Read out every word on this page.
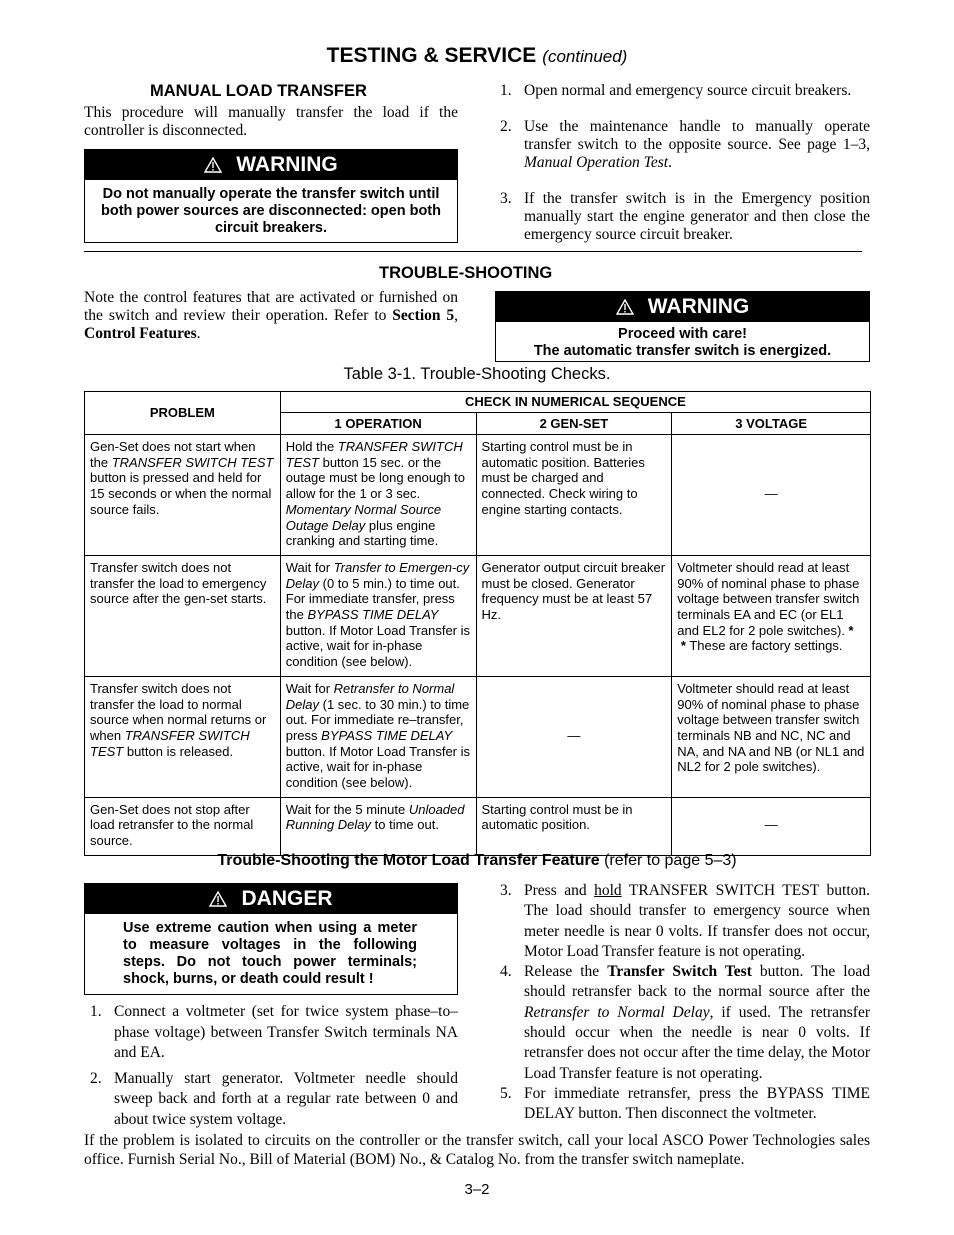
TESTING & SERVICE (continued)
MANUAL LOAD TRANSFER
This procedure will manually transfer the load if the controller is disconnected.
WARNING
Do not manually operate the transfer switch until both power sources are disconnected: open both circuit breakers.
1. Open normal and emergency source circuit breakers.
2. Use the maintenance handle to manually operate transfer switch to the opposite source. See page 1–3, Manual Operation Test.
3. If the transfer switch is in the Emergency position manually start the engine generator and then close the emergency source circuit breaker.
TROUBLE-SHOOTING
Note the control features that are activated or furnished on the switch and review their operation. Refer to Section 5, Control Features.
WARNING
Proceed with care!
The automatic transfer switch is energized.
Table 3-1. Trouble-Shooting Checks.
PROBLEM	CHECK IN NUMERICAL SEQUENCE		
	1 OPERATION	2 GEN-SET	3 VOLTAGE
Gen-Set does not start when the TRANSFER SWITCH TEST button is pressed and held for 15 seconds or when the normal source fails.	Hold the TRANSFER SWITCH TEST button 15 sec. or the outage must be long enough to allow for the 1 or 3 sec. Momentary Normal Source Outage Delay plus engine cranking and starting time.	Starting control must be in automatic position. Batteries must be charged and connected. Check wiring to engine starting contacts.	—
Transfer switch does not transfer the load to emergency source after the gen-set starts.	Wait for Transfer to Emergen-cy Delay (0 to 5 min.) to time out. For immediate transfer, press the BYPASS TIME DELAY button. If Motor Load Transfer is active, wait for in-phase condition (see below).	Generator output circuit breaker must be closed. Generator frequency must be at least 57 Hz.	Voltmeter should read at least 90% of nominal phase to phase voltage between transfer switch terminals EA and EC (or EL1 and EL2 for 2 pole switches). *
* These are factory settings.
Transfer switch does not transfer the load to normal source when normal returns or when TRANSFER SWITCH TEST button is released.	Wait for Retransfer to Normal Delay (1 sec. to 30 min.) to time out. For immediate re–transfer, press BYPASS TIME DELAY button. If Motor Load Transfer is active, wait for in-phase condition (see below).	—	Voltmeter should read at least 90% of nominal phase to phase voltage between transfer switch terminals NB and NC, NC and NA, and NA and NB (or NL1 and NL2 for 2 pole switches).
Gen-Set does not stop after load retransfer to the normal source.	Wait for the 5 minute Unloaded Running Delay to time out.	Starting control must be in automatic position.	—
Trouble-Shooting the Motor Load Transfer Feature (refer to page 5–3)
DANGER
Use extreme caution when using a meter to measure voltages in the following steps. Do not touch power terminals; shock, burns, or death could result !
1. Connect a voltmeter (set for twice system phase–to–phase voltage) between Transfer Switch terminals NA and EA.
2. Manually start generator. Voltmeter needle should sweep back and forth at a regular rate between 0 and about twice system voltage.
3. Press and hold TRANSFER SWITCH TEST button. The load should transfer to emergency source when meter needle is near 0 volts. If transfer does not occur, Motor Load Transfer feature is not operating.
4. Release the Transfer Switch Test button. The load should retransfer back to the normal source after the Retransfer to Normal Delay, if used. The retransfer should occur when the needle is near 0 volts. If retransfer does not occur after the time delay, the Motor Load Transfer feature is not operating.
5. For immediate retransfer, press the BYPASS TIME DELAY button. Then disconnect the voltmeter.
If the problem is isolated to circuits on the controller or the transfer switch, call your local ASCO Power Technologies sales office. Furnish Serial No., Bill of Material (BOM) No., & Catalog No. from the transfer switch nameplate.
3–2
